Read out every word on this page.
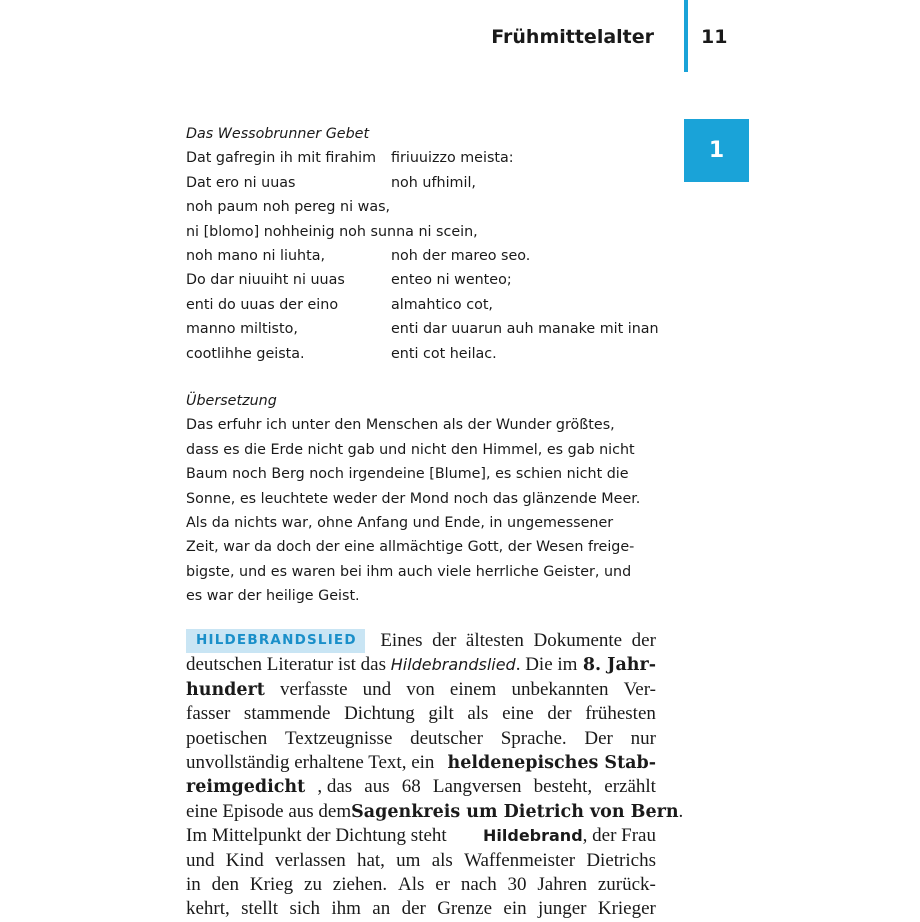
Frühmittelalter 11
1
Das Wessobrunner Gebet
Dat gafregin ih mit firahim	firiuuizzo meista:
Dat ero ni uuas	noh ufhimil,
noh paum noh pereg ni was,
ni [blomo] nohheinig noh sunna ni scein,
noh mano ni liuhta,	noh der mareo seo.
Do dar niuuiht ni uuas	enteo ni wenteo;
enti do uuas der eino	almahtico cot,
manno miltisto,	enti dar uuarun auh manake mit inan
cootlihhe geista.	enti cot heilac.
Übersetzung
Das erfuhr ich unter den Menschen als der Wunder größtes,
dass es die Erde nicht gab und nicht den Himmel, es gab nicht
Baum noch Berg noch irgendeine [Blume], es schien nicht die
Sonne, es leuchtete weder der Mond noch das glänzende Meer.
Als da nichts war, ohne Anfang und Ende, in ungemessener
Zeit, war da doch der eine allmächtige Gott, der Wesen freige-
bigste, und es waren bei ihm auch viele herrliche Geister, und
es war der heilige Geist.
HILDEBRANDSLIED	Eines der ältesten Dokumente der
deutschen Literatur ist das Hildebrandslied. Die im 8. Jahr-
hundert verfasste und von einem unbekannten Ver-
fasser stammende Dichtung gilt als eine der frühesten
poetischen Textzeugnisse deutscher Sprache. Der nur
unvollständig erhaltene Text, ein heldenepisches Stab-
reimgedicht , das aus 68 Langversen besteht, erzählt
eine Episode aus dem Sagenkreis um Dietrich von Bern.
Im Mittelpunkt der Dichtung steht Hildebrand, der Frau
und Kind verlassen hat, um als Waffenmeister Dietrichs
in den Krieg zu ziehen. Als er nach 30 Jahren zurück-
kehrt, stellt sich ihm an der Grenze ein junger Krieger
